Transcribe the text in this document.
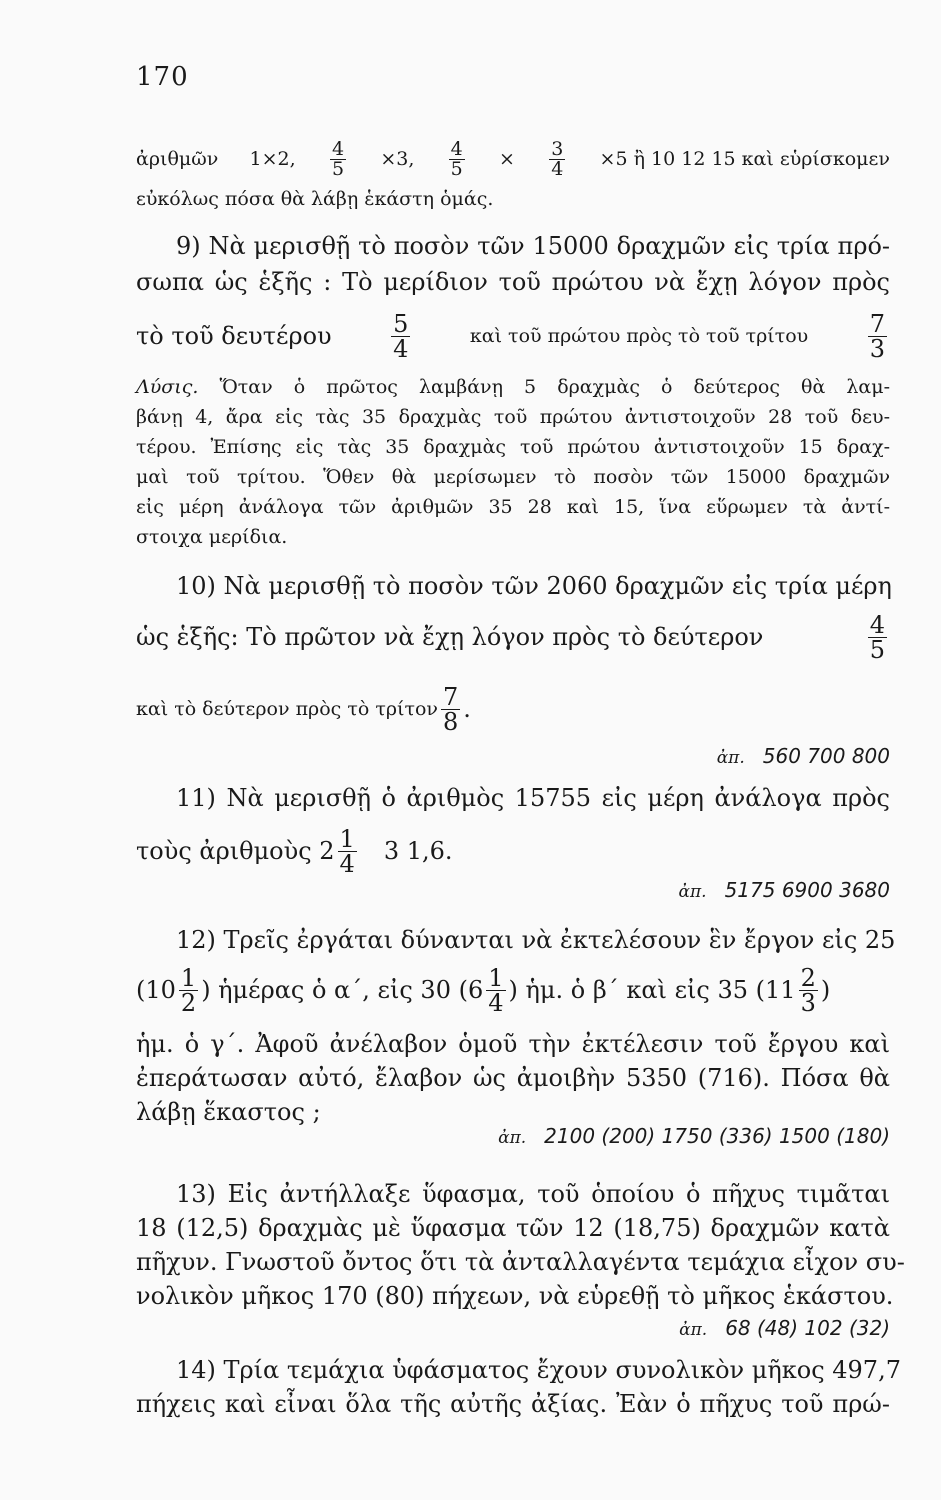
170
ἀριθμῶν 1×2, $\frac{4}{5} \times 3$, $\frac{4}{5} \times \frac{3}{4} \times 5$ ἢ 10 12 15 καὶ εὑρίσκομεν
εὐκόλως πόσα θὰ λάβῃ ἑκάστη ὁμάς.
9) Νὰ μερισθῇ τὸ ποσὸν τῶν 15000 δραχμῶν εἰς τρία πρό-
σωπα ὡς ἑξῆς : Τὸ μερίδιον τοῦ πρώτου νὰ ἔχῃ λόγον πρὸς
τὸ τοῦ δευτέρου $\frac{5}{4}$	καὶ τοῦ πρώτου πρὸς τὸ τοῦ τρίτου $\frac{7}{3}$
Λύσις. Ὅταν ὁ πρῶτος λαμβάνῃ 5 δραχμὰς ὁ δεύτερος θὰ λαμ-
βάνῃ 4, ἄρα εἰς τὰς 35 δραχμὰς τοῦ πρώτου ἀντιστοιχοῦν 28 τοῦ δευ-
τέρου. Ἐπίσης εἰς τὰς 35 δραχμὰς τοῦ πρώτου ἀντιστοιχοῦν 15 δραχ-
μαὶ τοῦ τρίτου. Ὅθεν θὰ μερίσωμεν τὸ ποσὸν τῶν 15000 δραχμῶν
εἰς μέρη ἀνάλογα τῶν ἀριθμῶν 35 28 καὶ 15, ἵνα εὕρωμεν τὰ ἀντί-
στοιχα μερίδια.
10) Νὰ μερισθῇ τὸ ποσὸν τῶν 2060 δραχμῶν εἰς τρία μέρη
ὡς ἑξῆς: Τὸ πρῶτον νὰ ἔχῃ λόγον πρὸς τὸ δεύτερον	$\frac{4}{5}$
καὶ τὸ δεύτερον πρὸς τὸ τρίτον $\frac{7}{8}$ .
ἀπ. 560 700 800
11) Νὰ μερισθῇ ὁ ἀριθμὸς 15755 εἰς μέρη ἀνάλογα πρὸς
τοὺς ἀριθμοὺς $2 \frac{1}{4} 3$ 1,6.
ἀπ. 5175 6900 3680
12) Τρεῖς ἐργάται δύνανται νὰ ἐκτελέσουν ἓν ἔργον εἰς 25
($10 \frac{1}{2}$ ) ἡμέρας ὁ α΄, εἰς 30 ($6 \frac{1}{4}$ ) ἡμ. ὁ β΄ καὶ εἰς 35 ($11 \frac{2}{3}$ )
ἡμ. ὁ γ΄. Ἀφοῦ ἀνέλαβον ὁμοῦ τὴν ἐκτέλεσιν τοῦ ἔργου καὶ
ἐπεράτωσαν αὐτό, ἔλαβον ὡς ἀμοιβὴν 5350 (716). Πόσα θὰ
λάβῃ ἕκαστος ;
ἀπ. 2100 (200) 1750 (336) 1500 (180)
13) Εἰς ἀντήλλαξε ὕφασμα, τοῦ ὁποίου ὁ πῆχυς τιμᾶται
18 (12,5) δραχμὰς μὲ ὕφασμα τῶν 12 (18,75) δραχμῶν κατὰ
πῆχυν. Γνωστοῦ ὄντος ὅτι τὰ ἀνταλλαγέντα τεμάχια εἶχον συ-
νολικὸν μῆκος 170 (80) πήχεων, νὰ εὑρεθῇ τὸ μῆκος ἑκάστου.
ἀπ. 68 (48) 102 (32)
14) Τρία τεμάχια ὑφάσματος ἔχουν συνολικὸν μῆκος 497,7
πήχεις καὶ εἶναι ὅλα τῆς αὐτῆς ἀξίας. Ἐὰν ὁ πῆχυς τοῦ πρώ-
